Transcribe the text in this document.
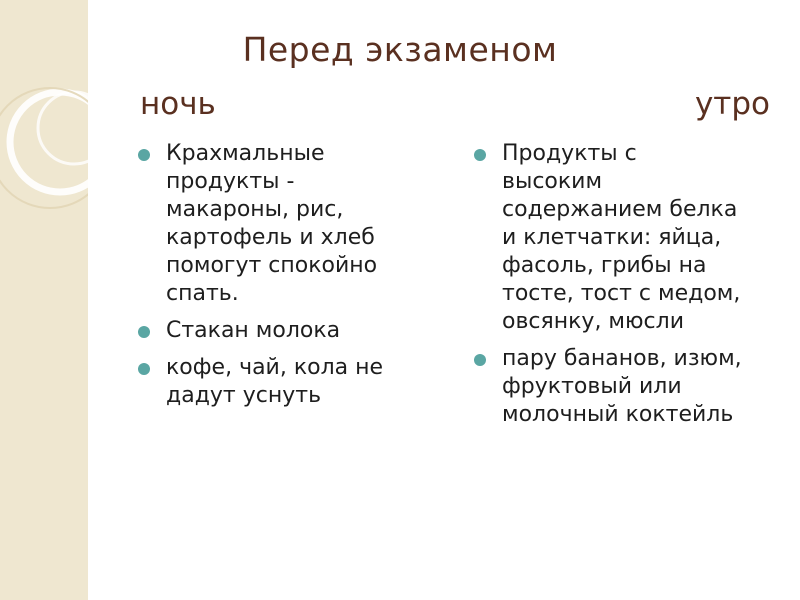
Перед экзаменом
ночь	утро
Крахмальные
продукты -
макароны, рис,
картофель и хлеб
помогут спокойно
спать.
Стакан молока
кофе, чай, кола не
дадут уснуть
Продукты с
высоким
содержанием белка
и клетчатки: яйца,
фасоль, грибы на
тосте, тост с медом,
овсянку, мюсли
пару бананов, изюм,
фруктовый или
молочный коктейль
